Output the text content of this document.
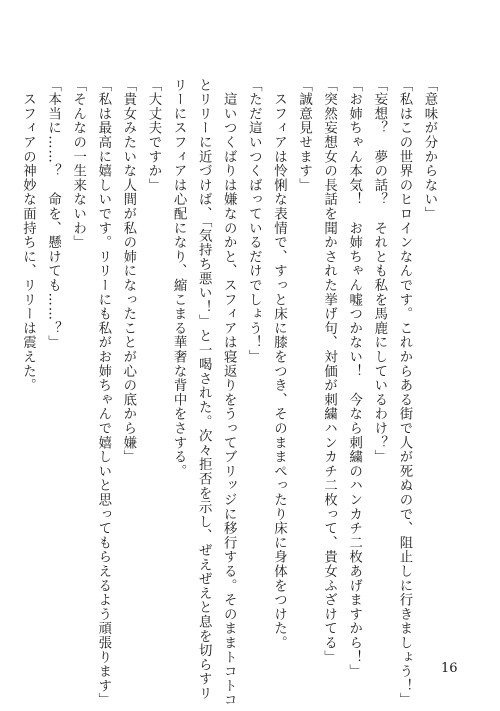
「意味が分からない」
「私はこの世界のヒロインなんです。これからある街で人が死ぬので、阻止しに行きましょう！」
「妄想？　夢の話？　それとも私を馬鹿にしているわけ？」
「お姉ちゃん本気！　お姉ちゃん嘘つかない！　今なら刺繍のハンカチ二枚あげますから！」
「突然妄想女の長話を聞かされた挙げ句、対価が刺繍ハンカチ二枚って、貴女ふざけてる」
「誠意見せます」
　スフィアは怜悧な表情で、すっと床に膝をつき、そのままぺったり床に身体をつけた。
「ただ這いつくばっているだけでしょう！」
　這いつくばりは嫌なのかと、スフィアは寝返りをうってブリッジに移行する。そのままトコトコ
とリリーに近づけば、「気持ち悪い！」と一喝された。次々拒否を示し、ぜえぜえと息を切らすリ
リーにスフィアは心配になり、縮こまる華奢な背中をさする。
「大丈夫ですか」
「貴女みたいな人間が私の姉になったことが心の底から嫌」
「私は最高に嬉しいです。リリーにも私がお姉ちゃんで嬉しいと思ってもらえるよう頑張ります」
「そんなの一生来ないわ」
「本当に……？　命を、懸けても……？」
　スフィアの神妙な面持ちに、リリーは震えた。
16
